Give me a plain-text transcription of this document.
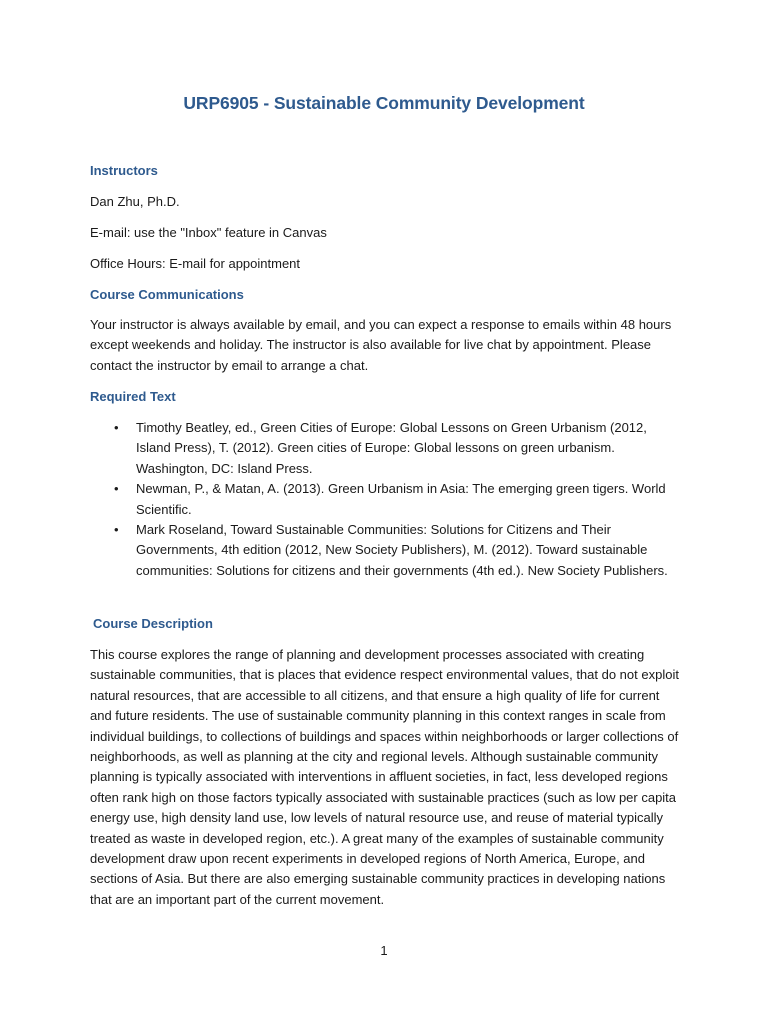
URP6905 - Sustainable Community Development
Instructors
Dan Zhu, Ph.D.
E-mail: use the "Inbox" feature in Canvas
Office Hours: E-mail for appointment
Course Communications
Your instructor is always available by email, and you can expect a response to emails within 48 hours except weekends and holiday. The instructor is also available for live chat by appointment. Please contact the instructor by email to arrange a chat.
Required Text
• Timothy Beatley, ed., Green Cities of Europe: Global Lessons on Green Urbanism (2012, Island Press), T. (2012). Green cities of Europe: Global lessons on green urbanism. Washington, DC: Island Press.
• Newman, P., & Matan, A. (2013). Green Urbanism in Asia: The emerging green tigers. World Scientific.
• Mark Roseland, Toward Sustainable Communities: Solutions for Citizens and Their Governments, 4th edition (2012, New Society Publishers), M. (2012). Toward sustainable communities: Solutions for citizens and their governments (4th ed.). New Society Publishers.
Course Description
This course explores the range of planning and development processes associated with creating sustainable communities, that is places that evidence respect environmental values, that do not exploit natural resources, that are accessible to all citizens, and that ensure a high quality of life for current and future residents. The use of sustainable community planning in this context ranges in scale from individual buildings, to collections of buildings and spaces within neighborhoods or larger collections of neighborhoods, as well as planning at the city and regional levels. Although sustainable community planning is typically associated with interventions in affluent societies, in fact, less developed regions often rank high on those factors typically associated with sustainable practices (such as low per capita energy use, high density land use, low levels of natural resource use, and reuse of material typically treated as waste in developed region, etc.). A great many of the examples of sustainable community development draw upon recent experiments in developed regions of North America, Europe, and sections of Asia. But there are also emerging sustainable community practices in developing nations that are an important part of the current movement.
1
